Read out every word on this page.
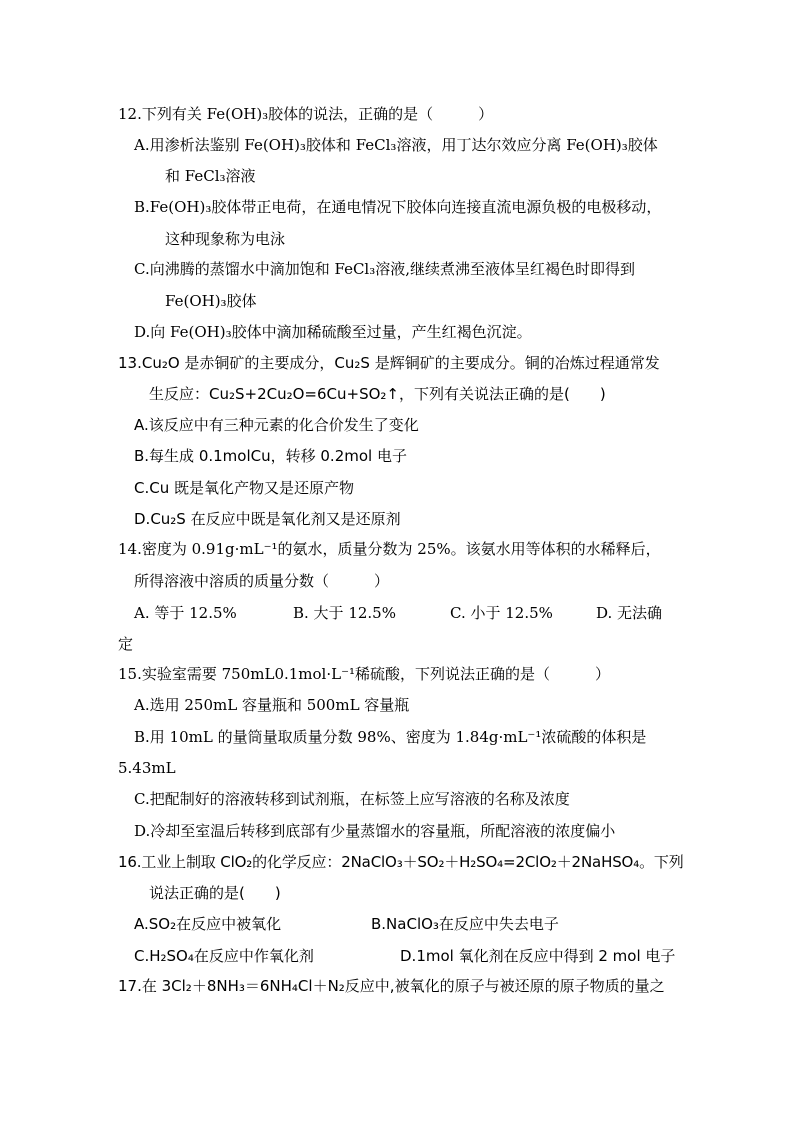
12.下列有关 Fe(OH)₃胶体的说法，正确的是（　　　）
A.用渗析法鉴别 Fe(OH)₃胶体和 FeCl₃溶液，用丁达尔效应分离 Fe(OH)₃胶体
和 FeCl₃溶液
B.Fe(OH)₃胶体带正电荷，在通电情况下胶体向连接直流电源负极的电极移动，
这种现象称为电泳
C.向沸腾的蒸馏水中滴加饱和 FeCl₃溶液,继续煮沸至液体呈红褐色时即得到
Fe(OH)₃胶体
D.向 Fe(OH)₃胶体中滴加稀硫酸至过量，产生红褐色沉淀。
13.Cu₂O 是赤铜矿的主要成分，Cu₂S 是辉铜矿的主要成分。铜的冶炼过程通常发
生反应：Cu₂S+2Cu₂O=6Cu+SO₂↑，下列有关说法正确的是(　　)
A.该反应中有三种元素的化合价发生了变化
B.每生成 0.1molCu，转移 0.2mol 电子
C.Cu 既是氧化产物又是还原产物
D.Cu₂S 在反应中既是氧化剂又是还原剂
14.密度为 0.91g·mL⁻¹的氨水，质量分数为 25%。该氨水用等体积的水稀释后，
所得溶液中溶质的质量分数（　　　）
A. 等于 12.5%	B. 大于 12.5%	C. 小于 12.5%	D. 无法确
定
15.实验室需要 750mL0.1mol·L⁻¹稀硫酸，下列说法正确的是（　　　）
A.选用 250mL 容量瓶和 500mL 容量瓶
B.用 10mL 的量筒量取质量分数 98%、密度为 1.84g·mL⁻¹浓硫酸的体积是
5.43mL
C.把配制好的溶液转移到试剂瓶，在标签上应写溶液的名称及浓度
D.冷却至室温后转移到底部有少量蒸馏水的容量瓶，所配溶液的浓度偏小
16.工业上制取 ClO₂的化学反应：2NaClO₃＋SO₂＋H₂SO₄=2ClO₂＋2NaHSO₄。下列
说法正确的是(　　)
A.SO₂在反应中被氧化	B.NaClO₃在反应中失去电子
C.H₂SO₄在反应中作氧化剂	D.1mol 氧化剂在反应中得到 2 mol 电子
17.在 3Cl₂＋8NH₃＝6NH₄Cl＋N₂反应中,被氧化的原子与被还原的原子物质的量之
